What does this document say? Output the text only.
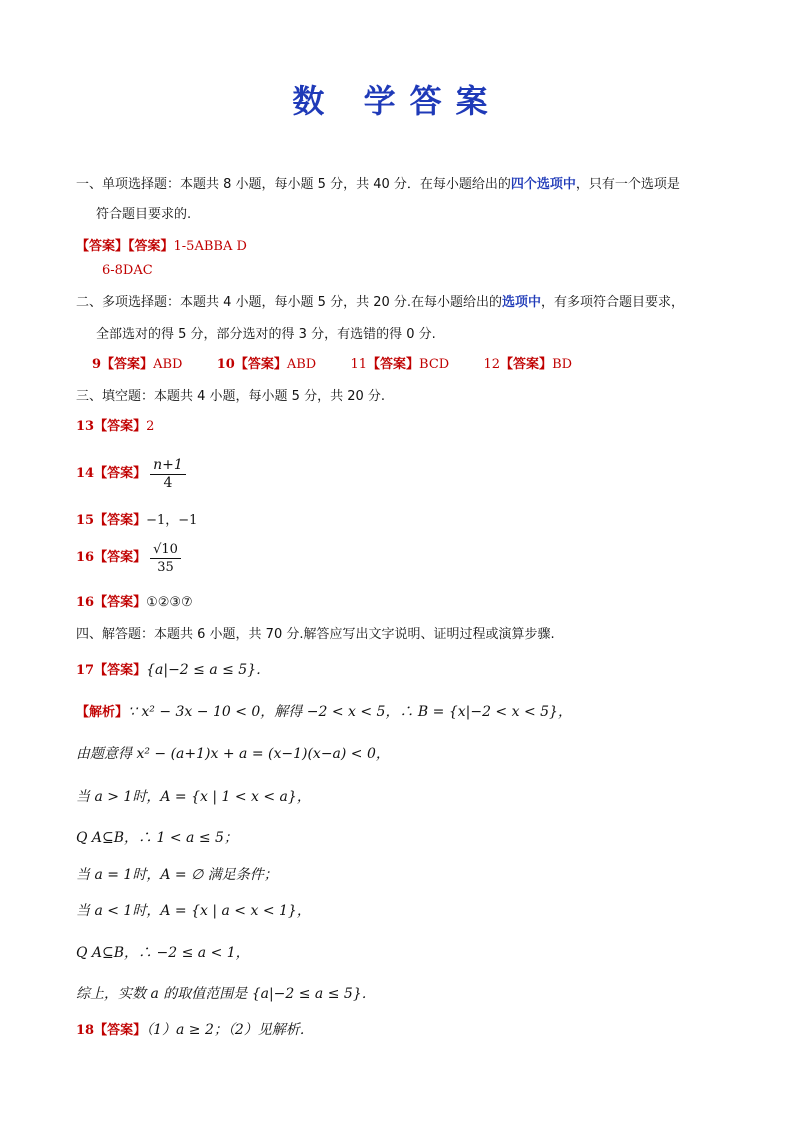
数 学答案
一、单项选择题：本题共 8 小题，每小题 5 分，共 40 分．在每小题给出的四个选项中，只有一个选项是
符合题目要求的.
【答案】【答案】1-5ABBA D
6-8DAC
二、多项选择题：本题共 4 小题，每小题 5 分，共 20 分.在每小题给出的选项中，有多项符合题目要求，
全部选对的得 5 分，部分选对的得 3 分，有选错的得 0 分.
9【答案】ABD	10【答案】ABD	11【答案】BCD	12【答案】BD
三、填空题：本题共 4 小题，每小题 5 分，共 20 分.
13【答案】2
14【答案】 $\frac{n+1}{4}$
15【答案】−1，−1
16【答案】 $\frac{√10}{35}$
16【答案】①②③⑦
四、解答题：本题共 6 小题，共 70 分.解答应写出文字说明、证明过程或演算步骤.
17【答案】{a|−2 ≤ a ≤ 5}．
【解析】∵ x² − 3x − 10 < 0，解得 −2 < x < 5，∴ B = {x|−2 < x < 5}，
由题意得 x² − (a+1)x + a = (x−1)(x−a) < 0，
当 a > 1时，A = {x | 1 < x < a}，
Q A⊆B，∴ 1 < a ≤ 5；
当 a = 1时，A = ∅ 满足条件；
当 a < 1时，A = {x | a < x < 1}，
Q A⊆B，∴ −2 ≤ a < 1，
综上，实数 a 的取值范围是 {a|−2 ≤ a ≤ 5}．
18【答案】（1）a ≥ 2；（2）见解析．
